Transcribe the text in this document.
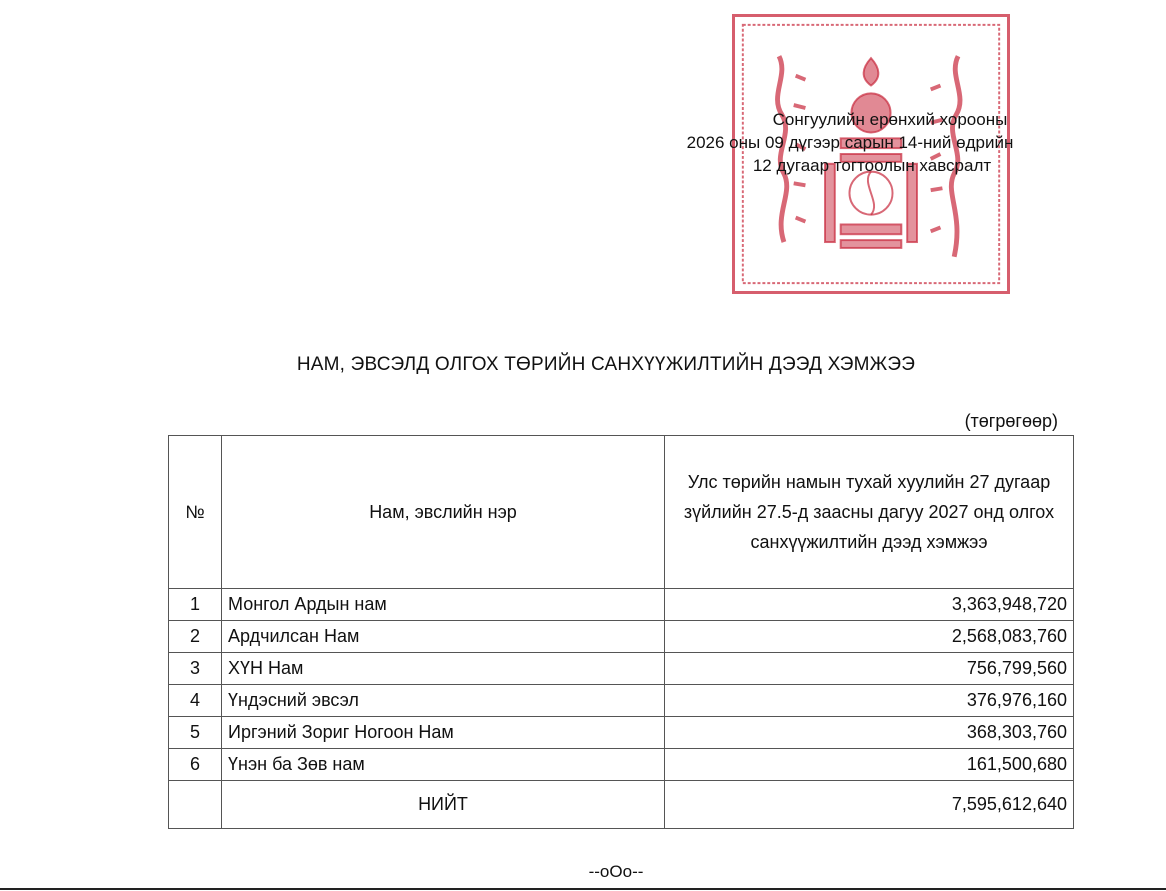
Сонгуулийн ерөнхий хорооны
2026 оны 09 дүгээр сарын 14-ний өдрийн
12 дугаар тогтоолын хавсралт
НАМ, ЭВСЭЛД ОЛГОХ ТӨРИЙН САНХҮҮЖИЛТИЙН ДЭЭД ХЭМЖЭЭ
(төгрөгөөр)
№	Нам, эвслийн нэр	Улс төрийн намын тухай хуулийн 27 дугаар зүйлийн 27.5-д заасны дагуу 2027 онд олгох санхүүжилтийн дээд хэмжээ
1	Монгол Ардын нам	3,363,948,720
2	Ардчилсан Нам	2,568,083,760
3	ХҮН Нам	756,799,560
4	Үндэсний эвсэл	376,976,160
5	Иргэний Зориг Ногоон Нам	368,303,760
6	Үнэн ба Зөв нам	161,500,680
	НИЙТ	7,595,612,640
--oOo--
